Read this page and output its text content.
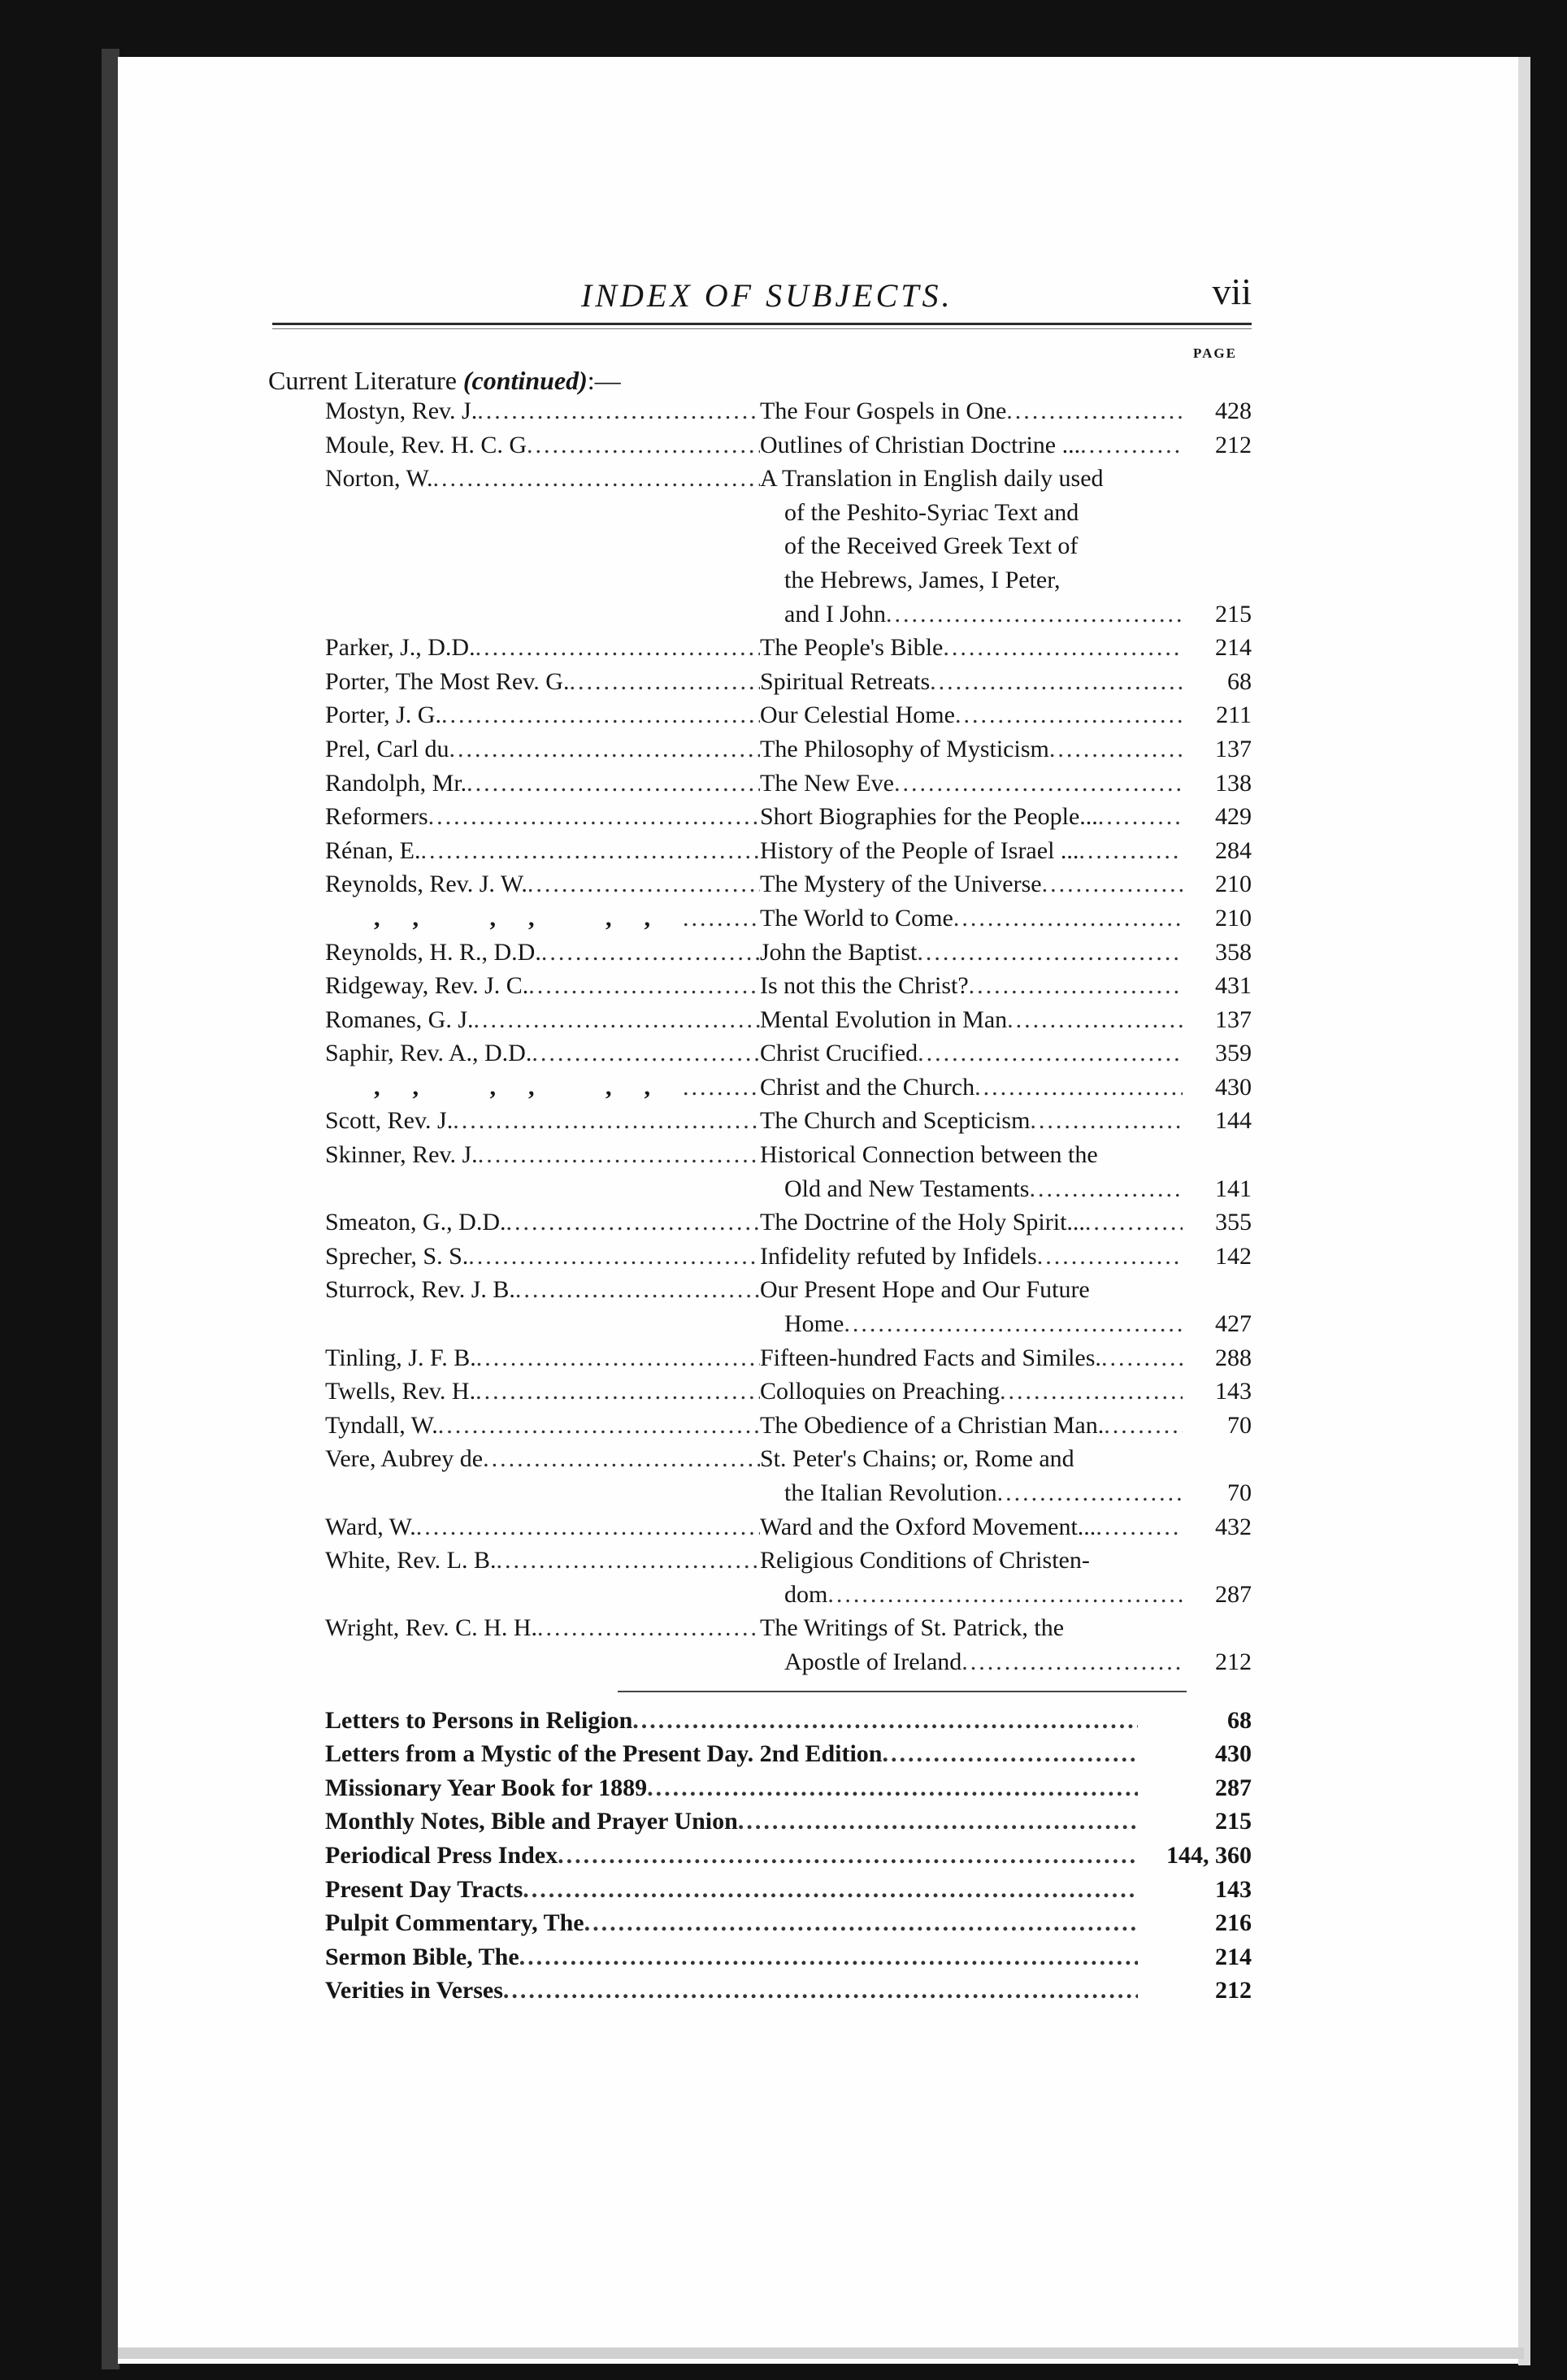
INDEX OF SUBJECTS.	vii
PAGE
Current Literature (continued):—
Mostyn, Rev. J. .....	The Four Gospels in One .....	428
Moule, Rev. H. C. G .....	Outlines of Christian Doctrine ... .....	212
Norton, W. .....	A Translation in English daily used
of the Peshito-Syriac Text and
of the Received Greek Text of
the Hebrews, James, I Peter,
and I John .....	215
Parker, J., D.D. .....	The People's Bible .....	214
Porter, The Most Rev. G. .....	Spiritual Retreats .....	68
Porter, J. G. .....	Our Celestial Home .....	211
Prel, Carl du .....	The Philosophy of Mysticism .....	137
Randolph, Mr. .....	The New Eve .....	138
Reformers .....	Short Biographies for the People... .....	429
Rénan, E. .....	History of the People of Israel ... .....	284
Reynolds, Rev. J. W. .....	The Mystery of the Universe .....	210
,, ,, ,, .....	The World to Come .....	210
Reynolds, H. R., D.D. .....	John the Baptist .....	358
Ridgeway, Rev. J. C. .....	Is not this the Christ? .....	431
Romanes, G. J. .....	Mental Evolution in Man .....	137
Saphir, Rev. A., D.D. .....	Christ Crucified .....	359
,, ,, ,, .....	Christ and the Church .....	430
Scott, Rev. J. .....	The Church and Scepticism .....	144
Skinner, Rev. J. .....	Historical Connection between the
Old and New Testaments .....	141
Smeaton, G., D.D. .....	The Doctrine of the Holy Spirit... .....	355
Sprecher, S. S. .....	Infidelity refuted by Infidels .....	142
Sturrock, Rev. J. B. .....	Our Present Hope and Our Future
Home .....	427
Tinling, J. F. B. .....	Fifteen-hundred Facts and Similes. .....	288
Twells, Rev. H. .....	Colloquies on Preaching .....	143
Tyndall, W. .....	The Obedience of a Christian Man. .....	70
Vere, Aubrey de .....	St. Peter's Chains; or, Rome and
the Italian Revolution .....	70
Ward, W. .....	Ward and the Oxford Movement... .....	432
White, Rev. L. B. .....	Religious Conditions of Christen-
dom .....	287
Wright, Rev. C. H. H. .....	The Writings of St. Patrick, the
Apostle of Ireland .....	212
Letters to Persons in Religion .....	68
Letters from a Mystic of the Present Day. 2nd Edition .....	430
Missionary Year Book for 1889 .....	287
Monthly Notes, Bible and Prayer Union .....	215
Periodical Press Index .....	144, 360
Present Day Tracts .....	143
Pulpit Commentary, The .....	216
Sermon Bible, The .....	214
Verities in Verses .....	212
